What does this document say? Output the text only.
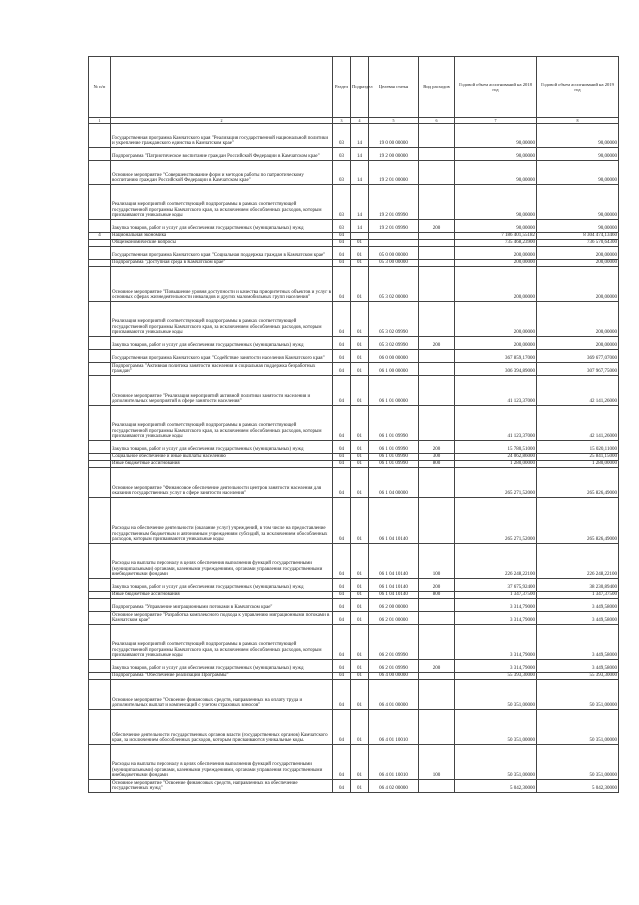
№ п/п		Раздел	Подраздел	Целевая статья	Вид расходов	Годовой объем ассигнований на 2018 год	Годовой объем ассигнований на 2019 год
1	2	3	4	5	6	7	8
	Государственная программа Камчатского края "Реализация государственной национальной политики и укрепление гражданского единства в Камчатском крае"	03	14	19 0 00 00000		90,00000	90,00000
	Подпрограмма "Патриотическое воспитание граждан Российской Федерации в Камчатском крае"	03	14	19 2 00 00000		90,00000	90,00000
	Основное мероприятие "Совершенствование форм и методов работы по патриотическому воспитанию граждан Российской Федерации в Камчатском крае"	03	14	19 2 01 00000		90,00000	90,00000
	Реализация мероприятий соответствующей подпрограммы в рамках соответствующей государственной программы Камчатского края, за исключением обособленных расходов, которым присваиваются уникальные коды	03	14	19 2 01 09990		90,00000	90,00000
	Закупка товаров, работ и услуг для обеспечения государственных (муниципальных) нужд	03	14	19 2 01 09990	200	90,00000	90,00000
4	Национальная экономика	04				7 186 401,55182	8 304 474,13460
	Общеэкономические вопросы	04	01			735 468,23900	736 570,64300
	Государственная программа Камчатского края "Социальная поддержка граждан в Камчатском крае"	04	01	05 0 00 00000		200,00000	200,00000
	Подпрограмма "Доступная среда в Камчатском крае"	04	01	05 3 00 00000		200,00000	200,00000
	Основное мероприятие "Повышение уровня доступности и качества приоритетных объектов и услуг в основных сферах жизнедеятельности инвалидов и других маломобильных групп населения"	04	01	05 3 02 00000		200,00000	200,00000
	Реализация мероприятий соответствующей подпрограммы в рамках соответствующей государственной программы Камчатского края, за исключением обособленных расходов, которым присваиваются уникальные коды	04	01	05 3 02 09990		200,00000	200,00000
	Закупка товаров, работ и услуг для обеспечения государственных (муниципальных) нужд	04	01	05 3 02 09990	200	200,00000	200,00000
	Государственная программа Камчатского края "Содействие занятости населения Камчатского края"	04	01	06 0 00 00000		367 859,17000	369 677,07000
	Подпрограмма "Активная политика занятости населения и социальная поддержка безработных граждан"	04	01	06 1 00 00000		306 394,89000	307 967,75000
	Основное мероприятие "Реализация мероприятий активной политики занятости населения и дополнительных мероприятий в сфере занятости населения"	04	01	06 1 01 00000		41 123,37000	42 141,26000
	Реализация мероприятий соответствующей подпрограммы в рамках соответствующей государственной программы Камчатского края, за исключением обособленных расходов, которым присваиваются уникальные коды	04	01	06 1 01 09990		41 123,37000	42 141,26000
	Закупка товаров, работ и услуг для обеспечения государственных (муниципальных) нужд	04	01	06 1 01 09990	200	15 780,51000	15 020,11000
	Социальное обеспечение и иные выплаты населению	04	01	06 1 01 09990	300	24 062,86000	25 841,15000
	Иные бюджетные ассигнования	04	01	06 1 01 09990	800	1 280,00000	1 280,00000
	Основное мероприятие "Финансовое обеспечение деятельности центров занятости населения для оказания государственных услуг в сфере занятости населения"	04	01	06 1 04 00000		265 271,52000	265 826,49000
	Расходы на обеспечение деятельности (оказание услуг) учреждений, в том числе на предоставление государственным бюджетным и автономным учреждениям субсидий, за исключением обособленных расходов, которым присваиваются уникальные коды	04	01	06 1 04 10140		265 271,52000	265 826,49000
	Расходы на выплаты персоналу в целях обеспечения выполнения функций государственными (муниципальными) органами, казенными учреждениями, органами управления государственными внебюджетными фондами	04	01	06 1 04 10140	100	226 248,22100	226 248,22100
	Закупка товаров, работ и услуг для обеспечения государственных (муниципальных) нужд	04	01	06 1 04 10140	200	37 675,92400	38 230,89400
	Иные бюджетные ассигнования	04	01	06 1 04 10140	800	1 347,37500	1 347,37500
	Подпрограмма "Управление миграционными потоками в Камчатском крае"	04	01	06 2 00 00000		3 314,79000	3 449,58000
	Основное мероприятие "Разработка комплексного подхода к управлению миграционными потоками в Камчатском крае"	04	01	06 2 01 00000		3 314,79000	3 449,58000
	Реализация мероприятий соответствующей подпрограммы в рамках соответствующей государственной программы Камчатского края, за исключением обособленных расходов, которым присваиваются уникальные коды	04	01	06 2 01 09990		3 314,79000	3 449,58000
	Закупка товаров, работ и услуг для обеспечения государственных (муниципальных) нужд	04	01	06 2 01 09990	200	3 314,79000	3 449,58000
	Подпрограмма "Обеспечение реализации Программы"	04	01	06 4 00 00000		55 393,30000	55 393,30000
	Основное мероприятие "Освоение финансовых средств, направленных на оплату труда и дополнительных выплат и компенсаций с учетом страховых взносов"	04	01	06 4 01 00000		50 351,00000	50 351,00000
	Обеспечение деятельности государственных органов власти (государственных органов) Камчатского края, за исключением обособленных расходов, которым присваиваются уникальные коды.	04	01	06 4 01 10010		50 351,00000	50 351,00000
	Расходы на выплаты персоналу в целях обеспечения выполнения функций государственными (муниципальными) органами, казенными учреждениями, органами управления государственными внебюджетными фондами	04	01	06 4 01 10010	100	50 351,00000	50 351,00000
	Основное мероприятие "Освоение финансовых средств, направленных на обеспечение государственных нужд"	04	01	06 4 02 00000		5 042,30000	5 042,30000
